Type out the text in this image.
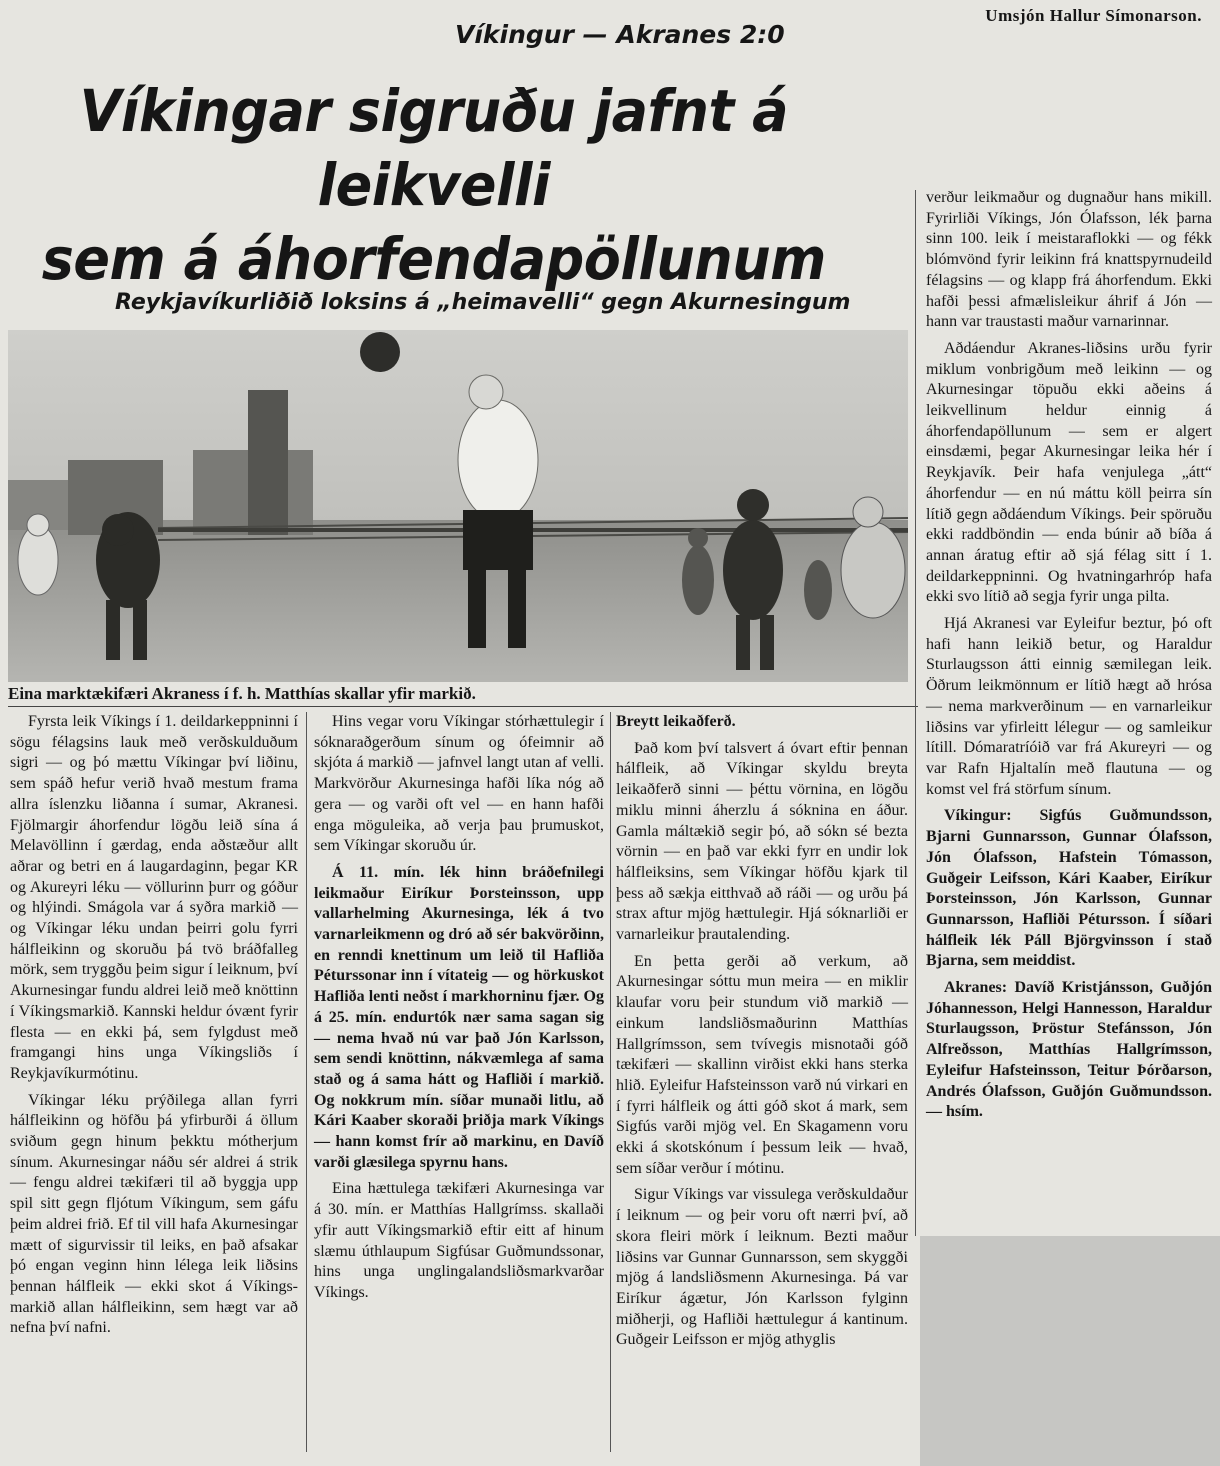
Umsjón Hallur Símonarson.
Víkingur — Akranes 2:0
Víkingar sigruðu jafnt á leikvelli
sem á áhorfendapöllunum
Reykjavíkurliðið loksins á „heimavelli“ gegn Akurnesingum
Eina marktækifæri Akraness í f. h. Matthías skallar yfir markið.

Fyrsta leik Víkings í 1. deildarkeppninni í sögu félagsins lauk með verðskulduðum sigri — og þó mættu Víkingar því liðinu, sem spáð hefur verið hvað mestum frama allra íslenzku liðanna í sumar, Akranesi. Fjölmargir áhorfendur lögðu leið sína á Melavöllinn í gærdag, enda aðstæður allt aðrar og betri en á laugardaginn, þegar KR og Akureyri léku — völlurinn þurr og góður og hlýindi. Smágola var á syðra markið — og Víkingar léku undan þeirri golu fyrri hálfleikinn og skoruðu þá tvö bráðfalleg mörk, sem tryggðu þeim sigur í leiknum, því Akurnesingar fundu aldrei leið með knöttinn í Víkingsmarkið. Kannski heldur óvænt fyrir flesta — en ekki þá, sem fylgdust með framgangi hins unga Víkingsliðs í Reykjavíkurmótinu.

Víkingar léku prýðilega allan fyrri hálfleikinn og höfðu þá yfirburði á öllum sviðum gegn hinum þekktu mótherjum sínum. Akurnesingar náðu sér aldrei á strik — fengu aldrei tækifæri til að byggja upp spil sitt gegn fljótum Víkingum, sem gáfu þeim aldrei frið. Ef til vill hafa Akurnesingar mætt of sigurvissir til leiks, en það afsakar þó engan veginn hinn lélega leik liðsins þennan hálfleik — ekki skot á Víkings-markið allan hálfleikinn, sem hægt var að nefna því nafni.

Hins vegar voru Víkingar stórhættulegir í sóknaraðgerðum sínum og ófeimnir að skjóta á markið — jafnvel langt utan af velli. Markvörður Akurnesinga hafði líka nóg að gera — og varði oft vel — en hann hafði enga möguleika, að verja þau þrumuskot, sem Víkingar skoruðu úr.

Á 11. mín. lék hinn bráðefnilegi leikmaður Eiríkur Þorsteinsson, upp vallarhelming Akurnesinga, lék á tvo varnarleikmenn og dró að sér bakvörðinn, en renndi knettinum um leið til Hafliða Péturssonar inn í vítateig — og hörkuskot Hafliða lenti neðst í markhorninu fjær. Og á 25. mín. endurtók nær sama sagan sig — nema hvað nú var það Jón Karlsson, sem sendi knöttinn, nákvæmlega af sama stað og á sama hátt og Hafliði í markið. Og nokkrum mín. síðar munaði litlu, að Kári Kaaber skoraði þriðja mark Víkings — hann komst frír að markinu, en Davíð varði glæsilega spyrnu hans.

Eina hættulega tækifæri Akurnesinga var á 30. mín. er Matthías Hallgrímss. skallaði yfir autt Víkingsmarkið eftir eitt af hinum slæmu úthlaupum Sigfúsar Guðmundssonar, hins unga unglingalandsliðsmarkvarðar Víkings.

Breytt leikaðferð.

Það kom því talsvert á óvart eftir þennan hálfleik, að Víkingar skyldu breyta leikaðferð sinni — þéttu vörnina, en lögðu miklu minni áherzlu á sóknina en áður. Gamla máltækið segir þó, að sókn sé bezta vörnin — en það var ekki fyrr en undir lok hálfleiksins, sem Víkingar höfðu kjark til þess að sækja eitthvað að ráði — og urðu þá strax aftur mjög hættulegir. Hjá sóknarliði er varnarleikur þrautalending.

En þetta gerði að verkum, að Akurnesingar sóttu mun meira — en miklir klaufar voru þeir stundum við markið — einkum landsliðsmaðurinn Matthías Hallgrímsson, sem tvívegis misnotaði góð tækifæri — skallinn virðist ekki hans sterka hlið. Eyleifur Hafsteinsson varð nú virkari en í fyrri hálfleik og átti góð skot á mark, sem Sigfús varði mjög vel. En Skagamenn voru ekki á skotskónum í þessum leik — hvað, sem síðar verður í mótinu.

Sigur Víkings var vissulega verðskuldaður í leiknum — og þeir voru oft nærri því, að skora fleiri mörk í leiknum. Bezti maður liðsins var Gunnar Gunnarsson, sem skyggði mjög á landsliðsmenn Akurnesinga. Þá var Eiríkur ágætur, Jón Karlsson fylginn miðherji, og Hafliði hættulegur á kantinum. Guðgeir Leifsson er mjög athyglis

verður leikmaður og dugnaður hans mikill. Fyrirliði Víkings, Jón Ólafsson, lék þarna sinn 100. leik í meistaraflokki — og fékk blómvönd fyrir leikinn frá knattspyrnudeild félagsins — og klapp frá áhorfendum. Ekki hafði þessi afmælisleikur áhrif á Jón — hann var traustasti maður varnarinnar.

Aðdáendur Akranes-liðsins urðu fyrir miklum vonbrigðum með leikinn — og Akurnesingar töpuðu ekki aðeins á leikvellinum heldur einnig á áhorfendapöllunum — sem er algert einsdæmi, þegar Akurnesingar leika hér í Reykjavík. Þeir hafa venjulega „átt“ áhorfendur — en nú máttu köll þeirra sín lítið gegn aðdáendum Víkings. Þeir spöruðu ekki raddböndin — enda búnir að bíða á annan áratug eftir að sjá félag sitt í 1. deildarkeppninni. Og hvatningarhróp hafa ekki svo lítið að segja fyrir unga pilta.

Hjá Akranesi var Eyleifur beztur, þó oft hafi hann leikið betur, og Haraldur Sturlaugsson átti einnig sæmilegan leik. Öðrum leikmönnum er lítið hægt að hrósa — nema markverðinum — en varnarleikur liðsins var yfirleitt lélegur — og samleikur lítill. Dómaratríóið var frá Akureyri — og var Rafn Hjaltalín með flautuna — og komst vel frá störfum sínum.

Víkingur: Sigfús Guðmundsson, Bjarni Gunnarsson, Gunnar Ólafsson, Jón Ólafsson, Hafstein Tómasson, Guðgeir Leifsson, Kári Kaaber, Eiríkur Þorsteinsson, Jón Karlsson, Gunnar Gunnarsson, Hafliði Pétursson. Í síðari hálfleik lék Páll Björgvinsson í stað Bjarna, sem meiddist.

Akranes: Davíð Kristjánsson, Guðjón Jóhannesson, Helgi Hannesson, Haraldur Sturlaugsson, Þröstur Stefánsson, Jón Alfreðsson, Matthías Hallgrímsson, Eyleifur Hafsteinsson, Teitur Þórðarson, Andrés Ólafsson, Guðjón Guðmundsson. — hsím.
